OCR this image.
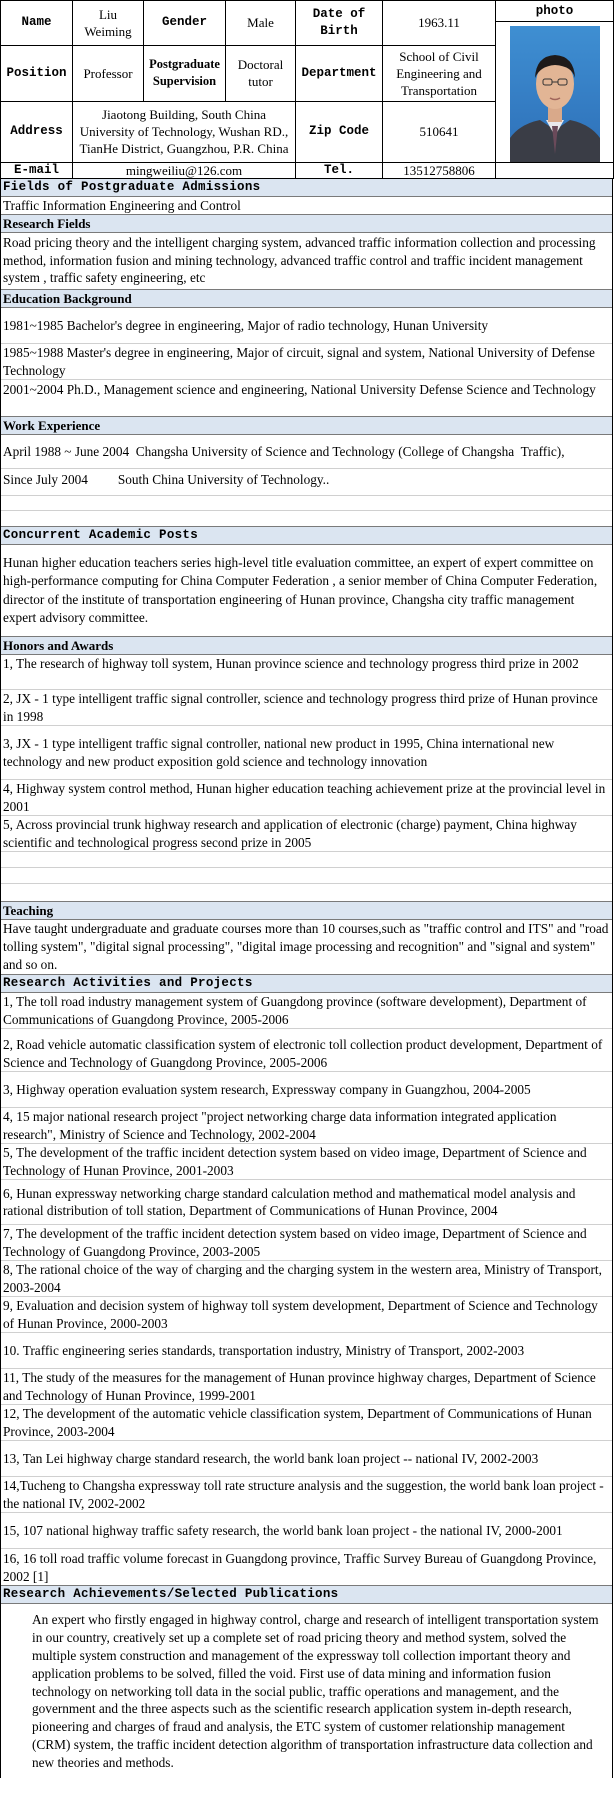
Name	Liu Weiming	Gender	Male	Date of Birth	1963.11	photo

Position	Professor	Postgraduate Supervision	Doctoral tutor	Department	School of Civil Engineering and Transportation	
Address	Jiaotong Building, South China University of Technology, Wushan RD., TianHe District, Guangzhou, P.R. China			Zip Code	510641	
E-mail	mingweiliu@126.com			Tel.	13512758806	
Fields of Postgraduate Admissions
Traffic Information Engineering and Control
Research Fields
Road pricing theory and the intelligent charging system, advanced traffic information collection and processing method, information fusion and mining technology, advanced traffic control and traffic incident management system , traffic safety engineering, etc
Education Background
1981~1985 Bachelor's degree in engineering, Major of radio technology, Hunan University
1985~1988 Master's degree in engineering, Major of circuit, signal and system, National University of Defense Technology
2001~2004 Ph.D., Management science and engineering, National University Defense Science and Technology
Work Experience
April 1988 ~ June 2004  Changsha University of Science and Technology (College of Changsha  Traffic),
Since July 2004         South China University of Technology..
Concurrent Academic Posts
Hunan higher education teachers series high-level title evaluation committee, an expert of expert committee on high-performance computing for China Computer Federation , a senior member of China Computer Federation, director of the institute of transportation engineering of Hunan province, Changsha city traffic management expert advisory committee.
Honors and Awards
1, The research of highway toll system, Hunan province science and technology progress third prize in 2002
2, JX - 1 type intelligent traffic signal controller, science and technology progress third prize of Hunan province in 1998
3, JX - 1 type intelligent traffic signal controller, national new product in 1995, China international new technology and new product exposition gold science and technology innovation
4, Highway system control method, Hunan higher education teaching achievement prize at the provincial level in 2001
5, Across provincial trunk highway research and application of electronic (charge) payment, China highway scientific and technological progress second prize in 2005
Teaching
Have taught undergraduate and graduate courses more than 10 courses,such as "traffic control and ITS" and "road tolling system", "digital signal processing", "digital image processing and recognition" and "signal and system" and so on.
Research Activities and Projects
1, The toll road industry management system of Guangdong province (software development), Department of Communications of Guangdong Province, 2005-2006
2, Road vehicle automatic classification system of electronic toll collection product development, Department of Science and Technology of Guangdong Province, 2005-2006
3, Highway operation evaluation system research, Expressway company in Guangzhou, 2004-2005
4, 15 major national research project "project networking charge data information integrated application research", Ministry of Science and Technology, 2002-2004
5, The development of the traffic incident detection system based on video image, Department of Science and Technology of Hunan Province, 2001-2003
6, Hunan expressway networking charge standard calculation method and mathematical model analysis and rational distribution of toll station, Department of Communications of Hunan Province, 2004
7, The development of the traffic incident detection system based on video image, Department of Science and Technology of Guangdong Province, 2003-2005
8, The rational choice of the way of charging and the charging system in the western area, Ministry of Transport, 2003-2004
9, Evaluation and decision system of highway toll system development, Department of Science and Technology of Hunan Province, 2000-2003
10. Traffic engineering series standards, transportation industry, Ministry of Transport, 2002-2003
11, The study of the measures for the management of Hunan province highway charges, Department of Science and Technology of Hunan Province, 1999-2001
12, The development of the automatic vehicle classification system, Department of Communications of Hunan Province, 2003-2004
13, Tan Lei highway charge standard research, the world bank loan project -- national IV, 2002-2003
14,Tucheng to Changsha expressway toll rate structure analysis and the suggestion, the world bank loan project - the national IV, 2002-2002
15, 107 national highway traffic safety research, the world bank loan project - the national IV, 2000-2001
16, 16 toll road traffic volume forecast in Guangdong province, Traffic Survey Bureau of Guangdong Province, 2002 [1]
Research Achievements/Selected Publications
An expert who firstly engaged in highway control, charge and research of intelligent transportation system in our country, creatively set up a complete set of road pricing theory and method system, solved the multiple system construction and management of the expressway toll collection important theory and application problems to be solved, filled the void. First use of data mining and information fusion technology on networking toll data in the social public, traffic operations and management, and the government and the three aspects such as the scientific research application system in-depth research, pioneering and charges of fraud and analysis, the ETC system of customer relationship management (CRM) system, the traffic incident detection algorithm of transportation infrastructure data collection and new theories and methods.
